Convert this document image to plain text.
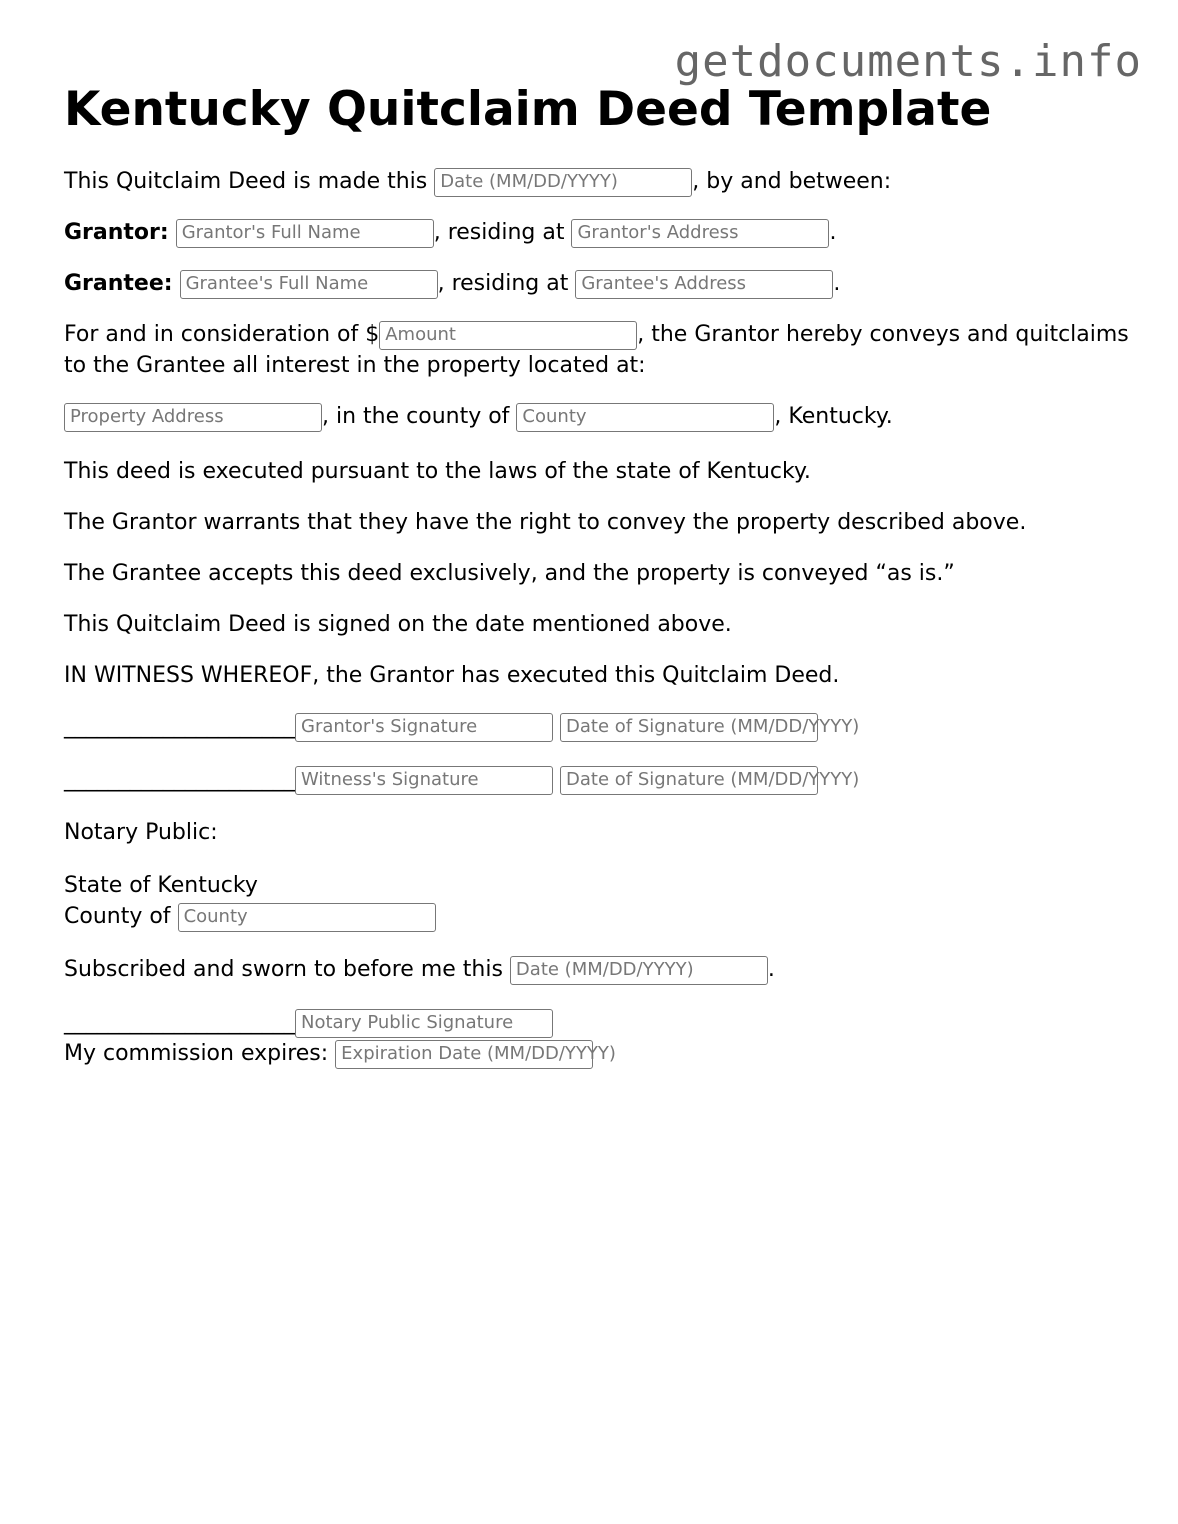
getdocuments.info
Kentucky Quitclaim Deed Template

This Quitclaim Deed is made this Date (MM/DD/YYYY)	, by and between:

Grantor: Grantor's Full Name	, residing at Grantor's Address	.

Grantee: Grantee's Full Name	, residing at Grantee's Address	.

For and in consideration of $ Amount	, the Grantor hereby conveys and quitclaims to the Grantee all interest in the property located at:

Property Address	, in the county of County	, Kentucky.

This deed is executed pursuant to the laws of the state of Kentucky.

The Grantor warrants that they have the right to convey the property described above.

The Grantee accepts this deed exclusively, and the property is conveyed “as is.”

This Quitclaim Deed is signed on the date mentioned above.

IN WITNESS WHEREOF, the Grantor has executed this Quitclaim Deed.

_____________________ Grantor's Signature	Date of Signature (MM/DD/YYYY)
_____________________ Witness's Signature	Date of Signature (MM/DD/YYYY)

Notary Public:

State of Kentucky

County of County

Subscribed and sworn to before me this Date (MM/DD/YYYY)	.

_____________________ Notary Public Signature

My commission expires: Expiration Date (MM/DD/YYYY)
